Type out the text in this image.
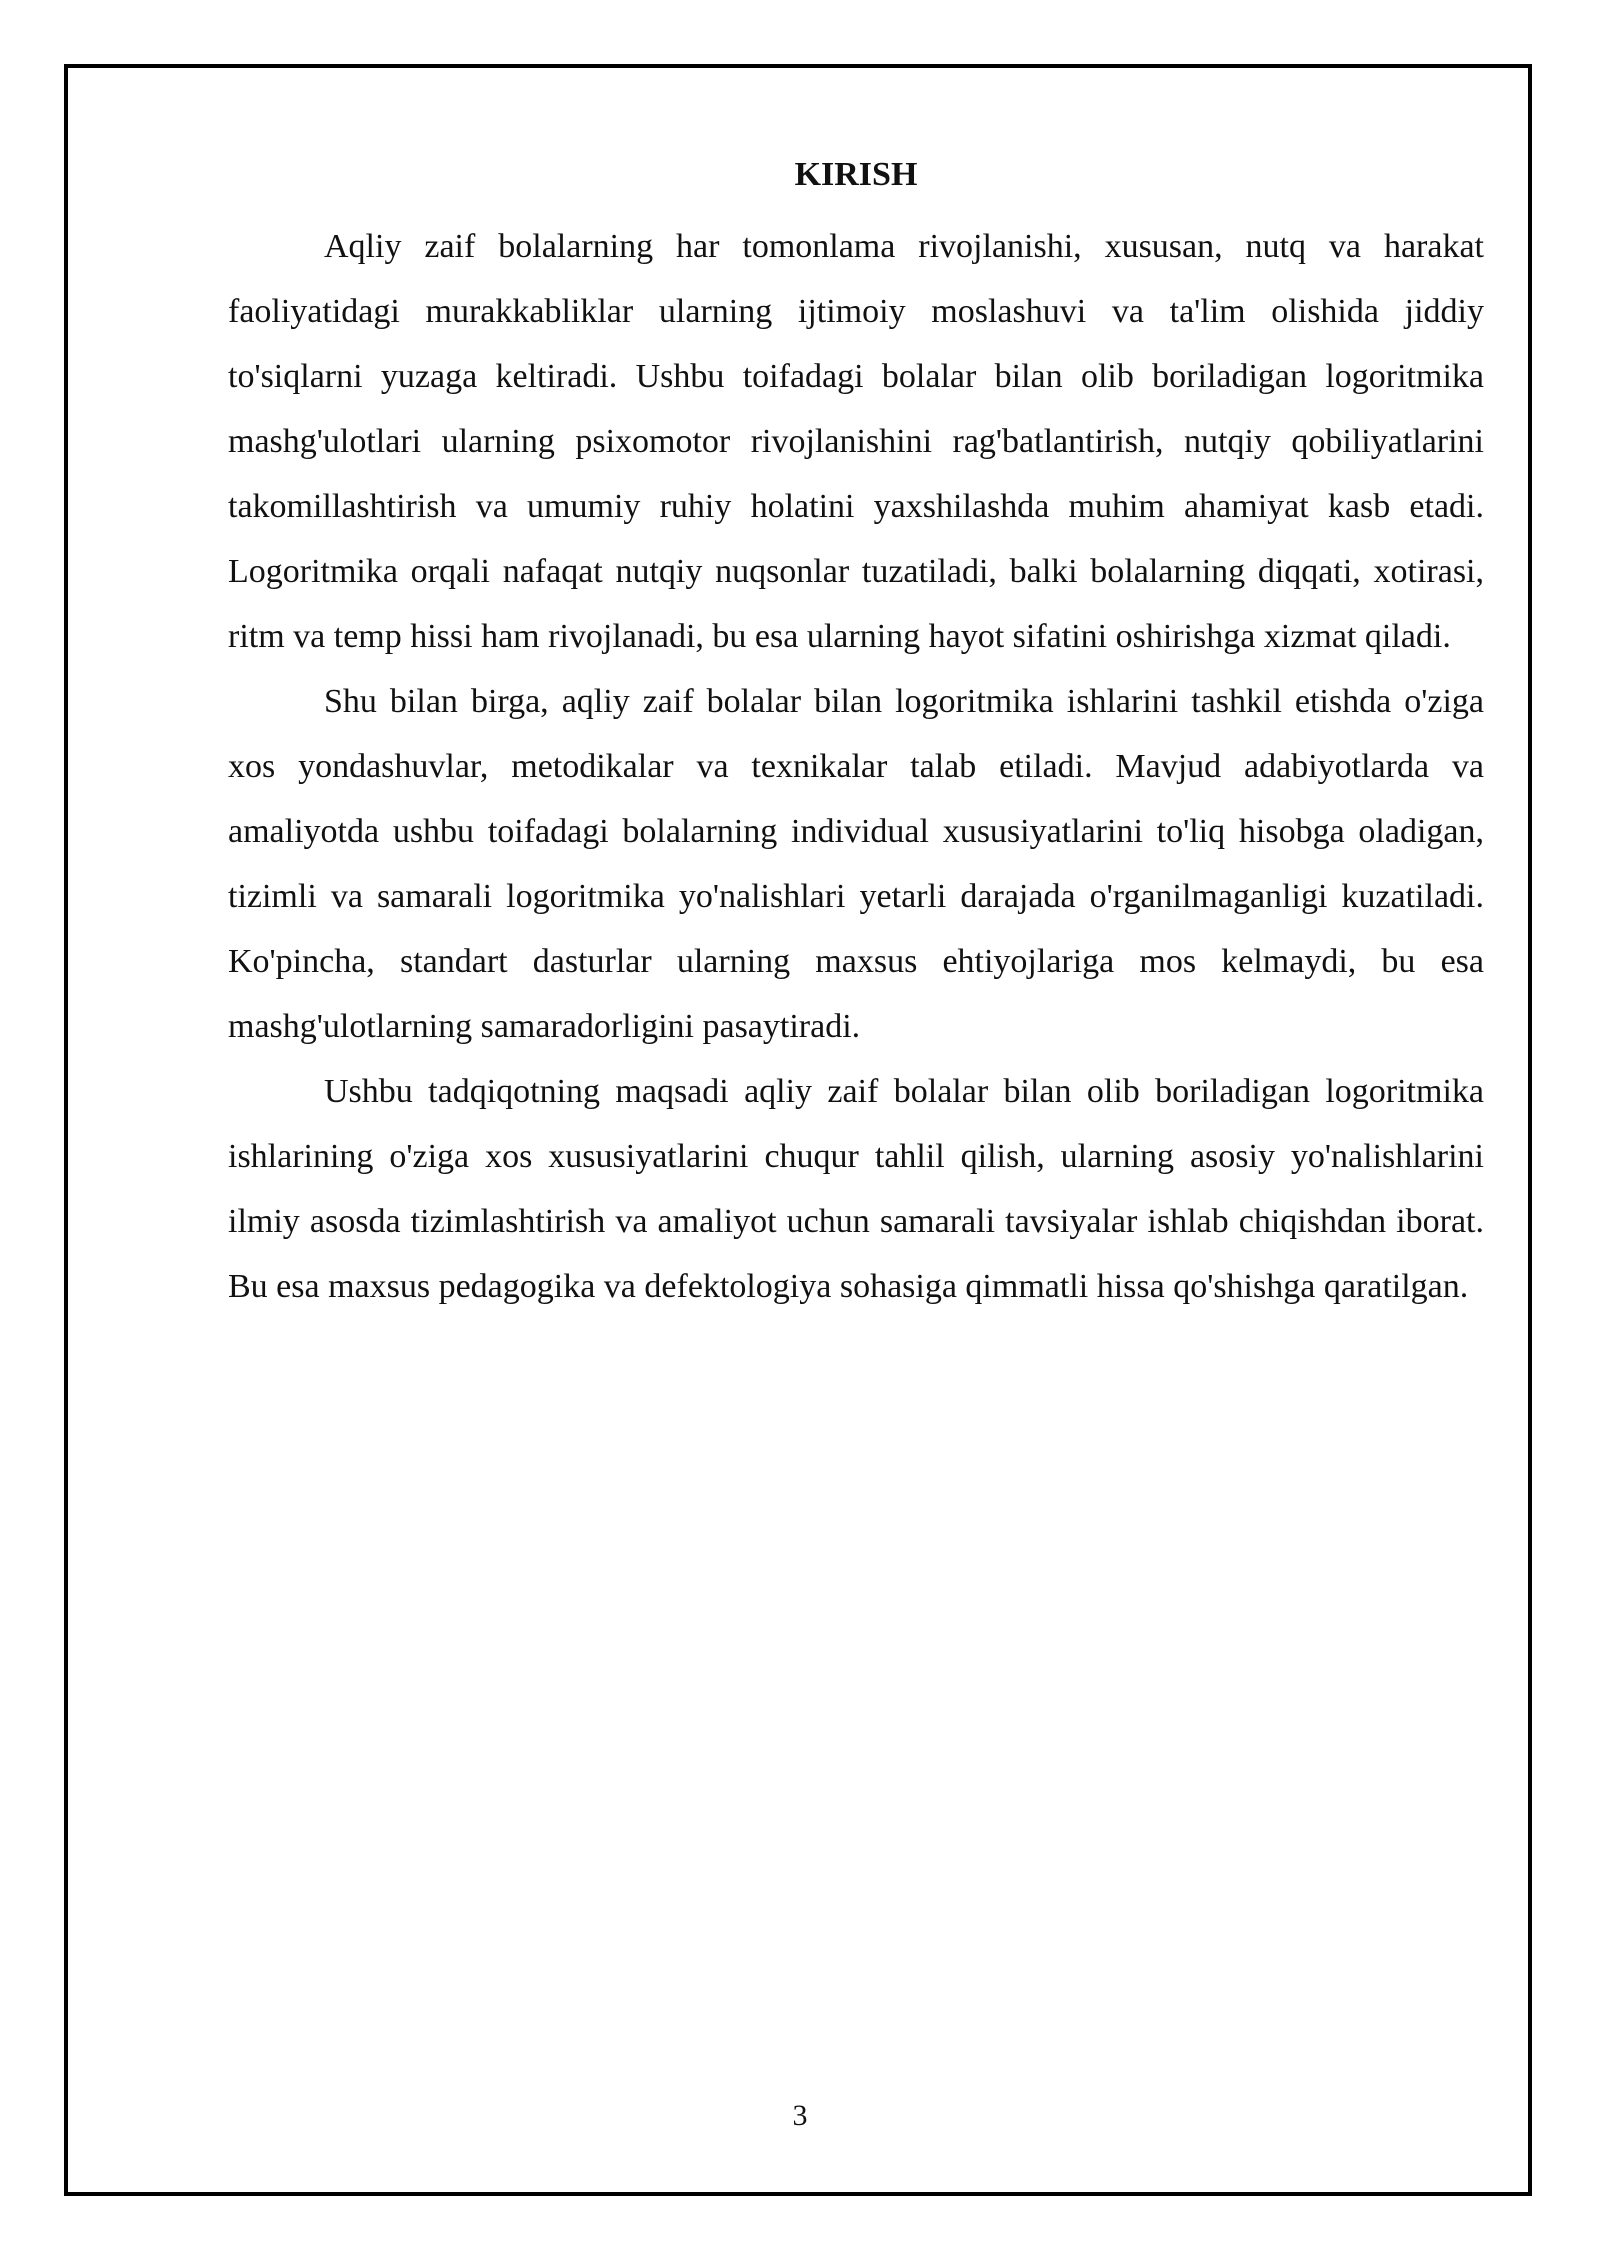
KIRISH

Aqliy zaif bolalarning har tomonlama rivojlanishi, xususan, nutq va harakat faoliyatidagi murakkabliklar ularning ijtimoiy moslashuvi va ta'lim olishida jiddiy to'siqlarni yuzaga keltiradi. Ushbu toifadagi bolalar bilan olib boriladigan logoritmika mashg'ulotlari ularning psixomotor rivojlanishini rag'batlantirish, nutqiy qobiliyatlarini takomillashtirish va umumiy ruhiy holatini yaxshilashda muhim ahamiyat kasb etadi. Logoritmika orqali nafaqat nutqiy nuqsonlar tuzatiladi, balki bolalarning diqqati, xotirasi, ritm va temp hissi ham rivojlanadi, bu esa ularning hayot sifatini oshirishga xizmat qiladi.

Shu bilan birga, aqliy zaif bolalar bilan logoritmika ishlarini tashkil etishda o'ziga xos yondashuvlar, metodikalar va texnikalar talab etiladi. Mavjud adabiyotlarda va amaliyotda ushbu toifadagi bolalarning individual xususiyatlarini to'liq hisobga oladigan, tizimli va samarali logoritmika yo'nalishlari yetarli darajada o'rganilmaganligi kuzatiladi. Ko'pincha, standart dasturlar ularning maxsus ehtiyojlariga mos kelmaydi, bu esa mashg'ulotlarning samaradorligini pasaytiradi.

Ushbu tadqiqotning maqsadi aqliy zaif bolalar bilan olib boriladigan logoritmika ishlarining o'ziga xos xususiyatlarini chuqur tahlil qilish, ularning asosiy yo'nalishlarini ilmiy asosda tizimlashtirish va amaliyot uchun samarali tavsiyalar ishlab chiqishdan iborat. Bu esa maxsus pedagogika va defektologiya sohasiga qimmatli hissa qo'shishga qaratilgan.

3
